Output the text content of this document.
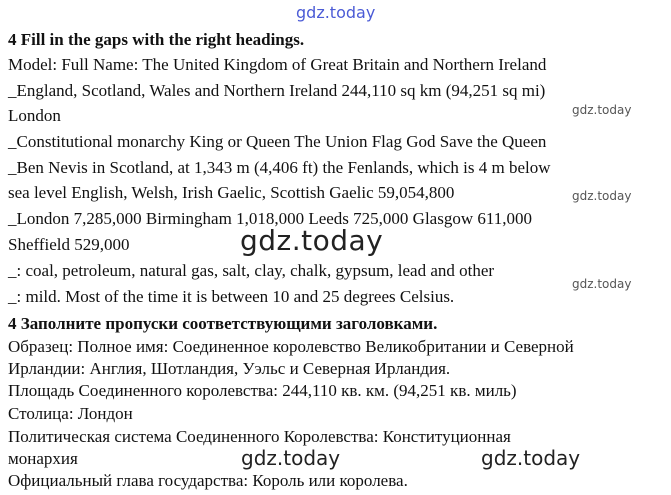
gdz.today
4 Fill in the gaps with the right headings.
Model: Full Name: The United Kingdom of Great Britain and Northern Ireland
_England, Scotland, Wales and Northern Ireland 244,110 sq km (94,251 sq mi)
London	gdz.today
_Constitutional monarchy King or Queen The Union Flag God Save the Queen
_Ben Nevis in Scotland, at 1,343 m (4,406 ft) the Fenlands, which is 4 m below
sea level English, Welsh, Irish Gaelic, Scottish Gaelic 59,054,800	gdz.today
_London 7,285,000 Birmingham 1,018,000 Leeds 725,000 Glasgow 611,000
Sheffield 529,000	gdz.today
_: coal, petroleum, natural gas, salt, clay, chalk, gypsum, lead and other
gdz.today
_: mild. Most of the time it is between 10 and 25 degrees Celsius.
4 Заполните пропуски соответствующими заголовками.
Образец: Полное имя: Соединенное королевство Великобритании и Северной
Ирландии: Англия, Шотландия, Уэльс и Северная Ирландия.
Площадь Соединенного королевства: 244,110 кв. км. (94,251 кв. миль)
Столица: Лондон
Политическая система Соединенного Королевства: Конституционная
монархия	gdz.today	gdz.today
Официальный глава государства: Король или королева.
